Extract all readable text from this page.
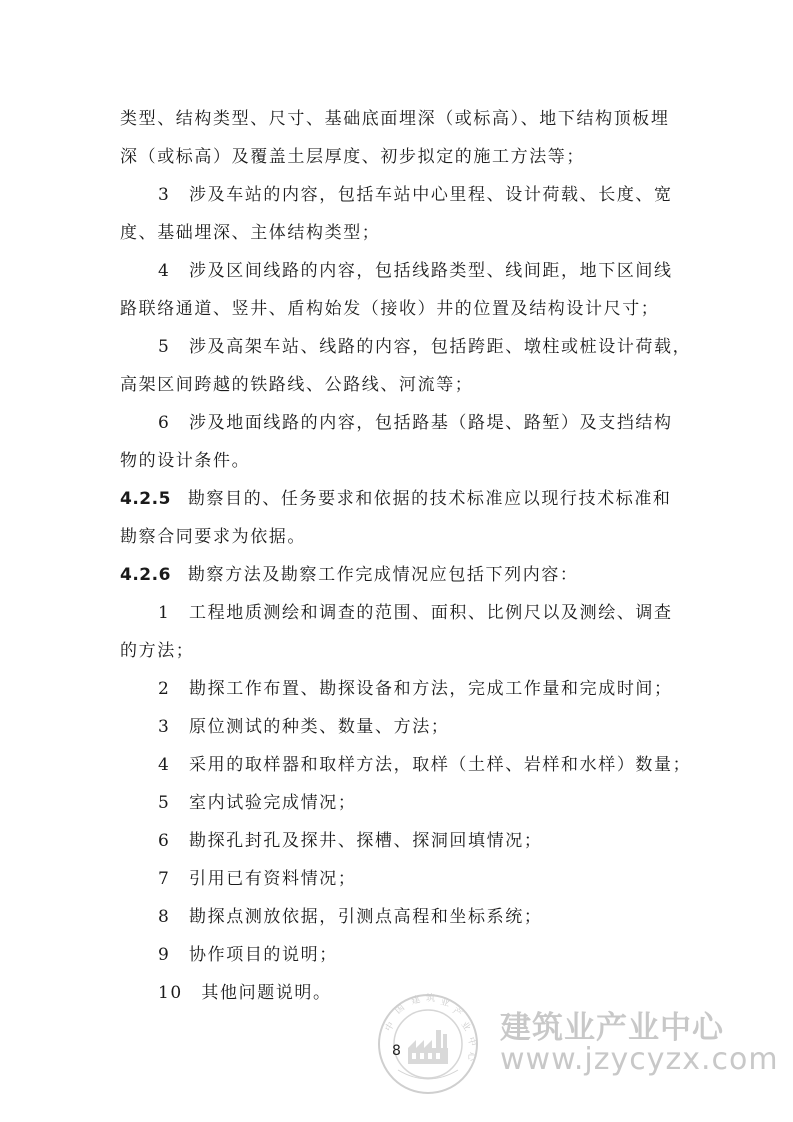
类型、结构类型、尺寸、基础底面埋深（或标高）、地下结构顶板埋
深（或标高）及覆盖土层厚度、初步拟定的施工方法等；
3　涉及车站的内容，包括车站中心里程、设计荷载、长度、宽
度、基础埋深、主体结构类型；
4　涉及区间线路的内容，包括线路类型、线间距，地下区间线
路联络通道、竖井、盾构始发（接收）井的位置及结构设计尺寸；
5　涉及高架车站、线路的内容，包括跨距、墩柱或桩设计荷载，
高架区间跨越的铁路线、公路线、河流等；
6　涉及地面线路的内容，包括路基（路堤、路堑）及支挡结构
物的设计条件。
4.2.5 勘察目的、任务要求和依据的技术标准应以现行技术标准和
勘察合同要求为依据。
4.2.6 勘察方法及勘察工作完成情况应包括下列内容：
1　工程地质测绘和调查的范围、面积、比例尺以及测绘、调查
的方法；
2　勘探工作布置、勘探设备和方法，完成工作量和完成时间；
3　原位测试的种类、数量、方法；
4　采用的取样器和取样方法，取样（土样、岩样和水样）数量；
5　室内试验完成情况；
6　勘探孔封孔及探井、探槽、探洞回填情况；
7　引用已有资料情况；
8　勘探点测放依据，引测点高程和坐标系统；
9　协作项目的说明；
10　其他问题说明。
中
国
建 筑 业
产
业
中
心
8
建筑业产业中心
www.jzycyzx.com
